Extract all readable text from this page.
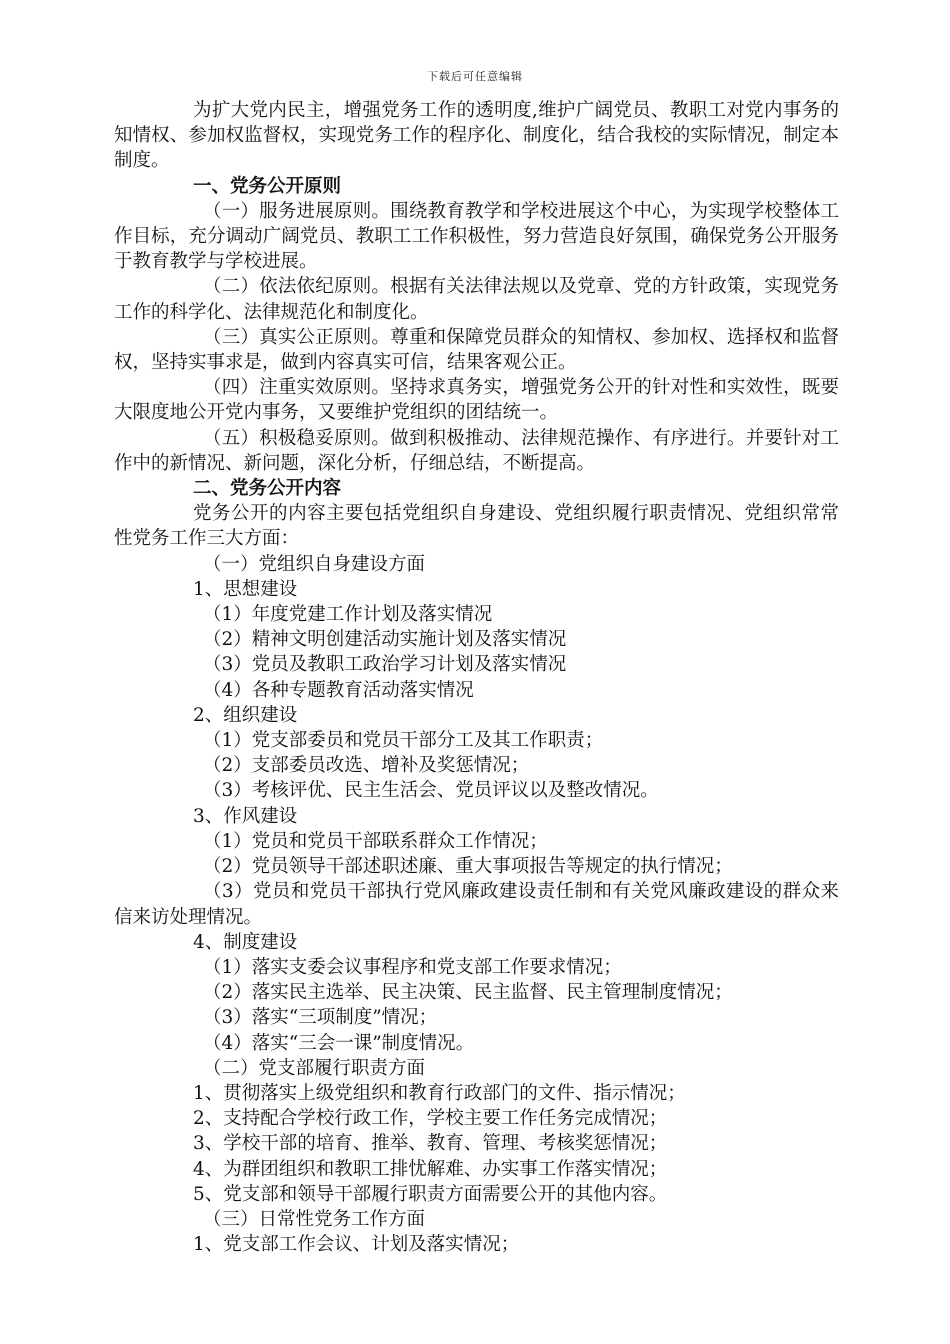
下载后可任意编辑

为扩大党内民主，增强党务工作的透明度,维护广阔党员、教职工对党内事务的知情权、参加权监督权，实现党务工作的程序化、制度化，结合我校的实际情况，制定本制度。

一、党务公开原则

（一）服务进展原则。围绕教育教学和学校进展这个中心，为实现学校整体工作目标，充分调动广阔党员、教职工工作积极性，努力营造良好氛围，确保党务公开服务于教育教学与学校进展。

（二）依法依纪原则。根据有关法律法规以及党章、党的方针政策，实现党务工作的科学化、法律规范化和制度化。

（三）真实公正原则。尊重和保障党员群众的知情权、参加权、选择权和监督权，坚持实事求是，做到内容真实可信，结果客观公正。

（四）注重实效原则。坚持求真务实，增强党务公开的针对性和实效性，既要大限度地公开党内事务，又要维护党组织的团结统一。

（五）积极稳妥原则。做到积极推动、法律规范操作、有序进行。并要针对工作中的新情况、新问题，深化分析，仔细总结，不断提高。

二、党务公开内容

党务公开的内容主要包括党组织自身建设、党组织履行职责情况、党组织常常性党务工作三大方面：

（一）党组织自身建设方面

1、思想建设

（1）年度党建工作计划及落实情况

（2）精神文明创建活动实施计划及落实情况

（3）党员及教职工政治学习计划及落实情况

（4）各种专题教育活动落实情况

2、组织建设

（1）党支部委员和党员干部分工及其工作职责；

（2）支部委员改选、增补及奖惩情况；

（3）考核评优、民主生活会、党员评议以及整改情况。

3、作风建设

（1）党员和党员干部联系群众工作情况；

（2）党员领导干部述职述廉、重大事项报告等规定的执行情况；

（3）党员和党员干部执行党风廉政建设责任制和有关党风廉政建设的群众来信来访处理情况。

4、制度建设

（1）落实支委会议事程序和党支部工作要求情况；

（2）落实民主选举、民主决策、民主监督、民主管理制度情况；

（3）落实“三项制度”情况；

（4）落实“三会一课”制度情况。

（二）党支部履行职责方面

1、贯彻落实上级党组织和教育行政部门的文件、指示情况；

2、支持配合学校行政工作，学校主要工作任务完成情况；

3、学校干部的培育、推举、教育、管理、考核奖惩情况；

4、为群团组织和教职工排忧解难、办实事工作落实情况；

5、党支部和领导干部履行职责方面需要公开的其他内容。

（三）日常性党务工作方面

1、党支部工作会议、计划及落实情况；
